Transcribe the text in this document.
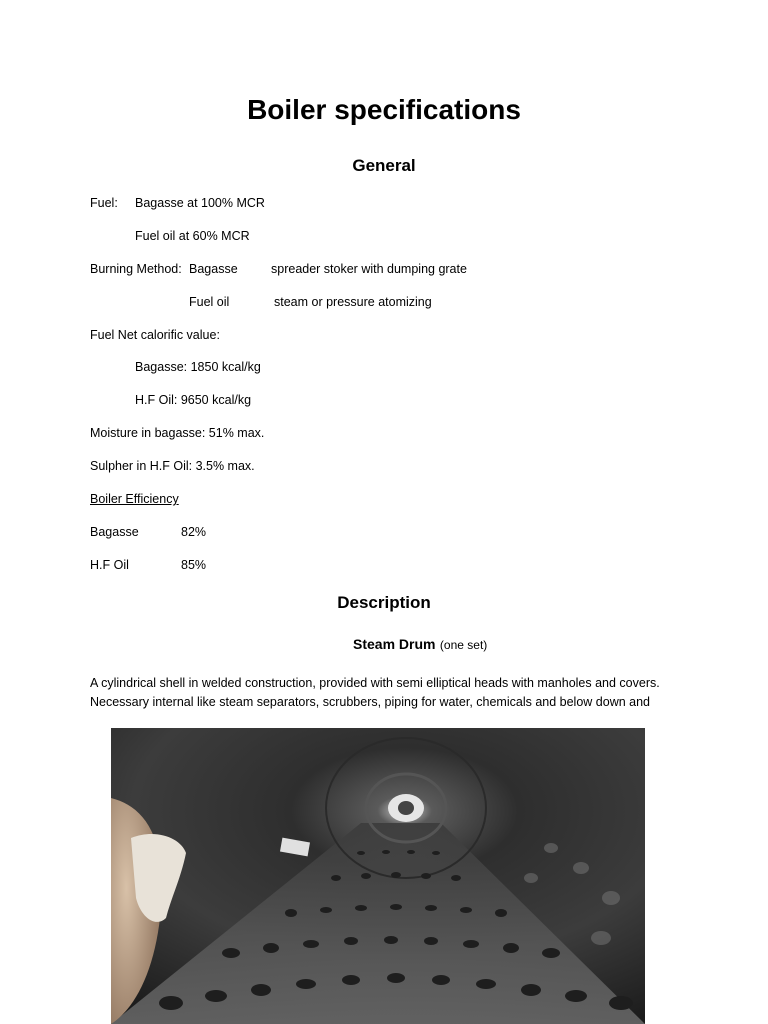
Boiler specifications
General
Fuel: Bagasse at 100% MCR
Fuel oil at 60% MCR
Burning Method: Bagasse	spreader stoker with dumping grate
Fuel oil	steam or pressure atomizing
Fuel Net calorific value:
Bagasse: 1850 kcal/kg
H.F Oil: 9650 kcal/kg
Moisture in bagasse: 51% max.
Sulpher in H.F Oil: 3.5% max.
Boiler Efficiency
Bagasse	82%
H.F Oil	85%
Description
Steam Drum (one set)
A cylindrical shell in welded construction, provided with semi elliptical heads with manholes and covers. Necessary internal like steam separators, scrubbers, piping for water, chemicals and below down and
